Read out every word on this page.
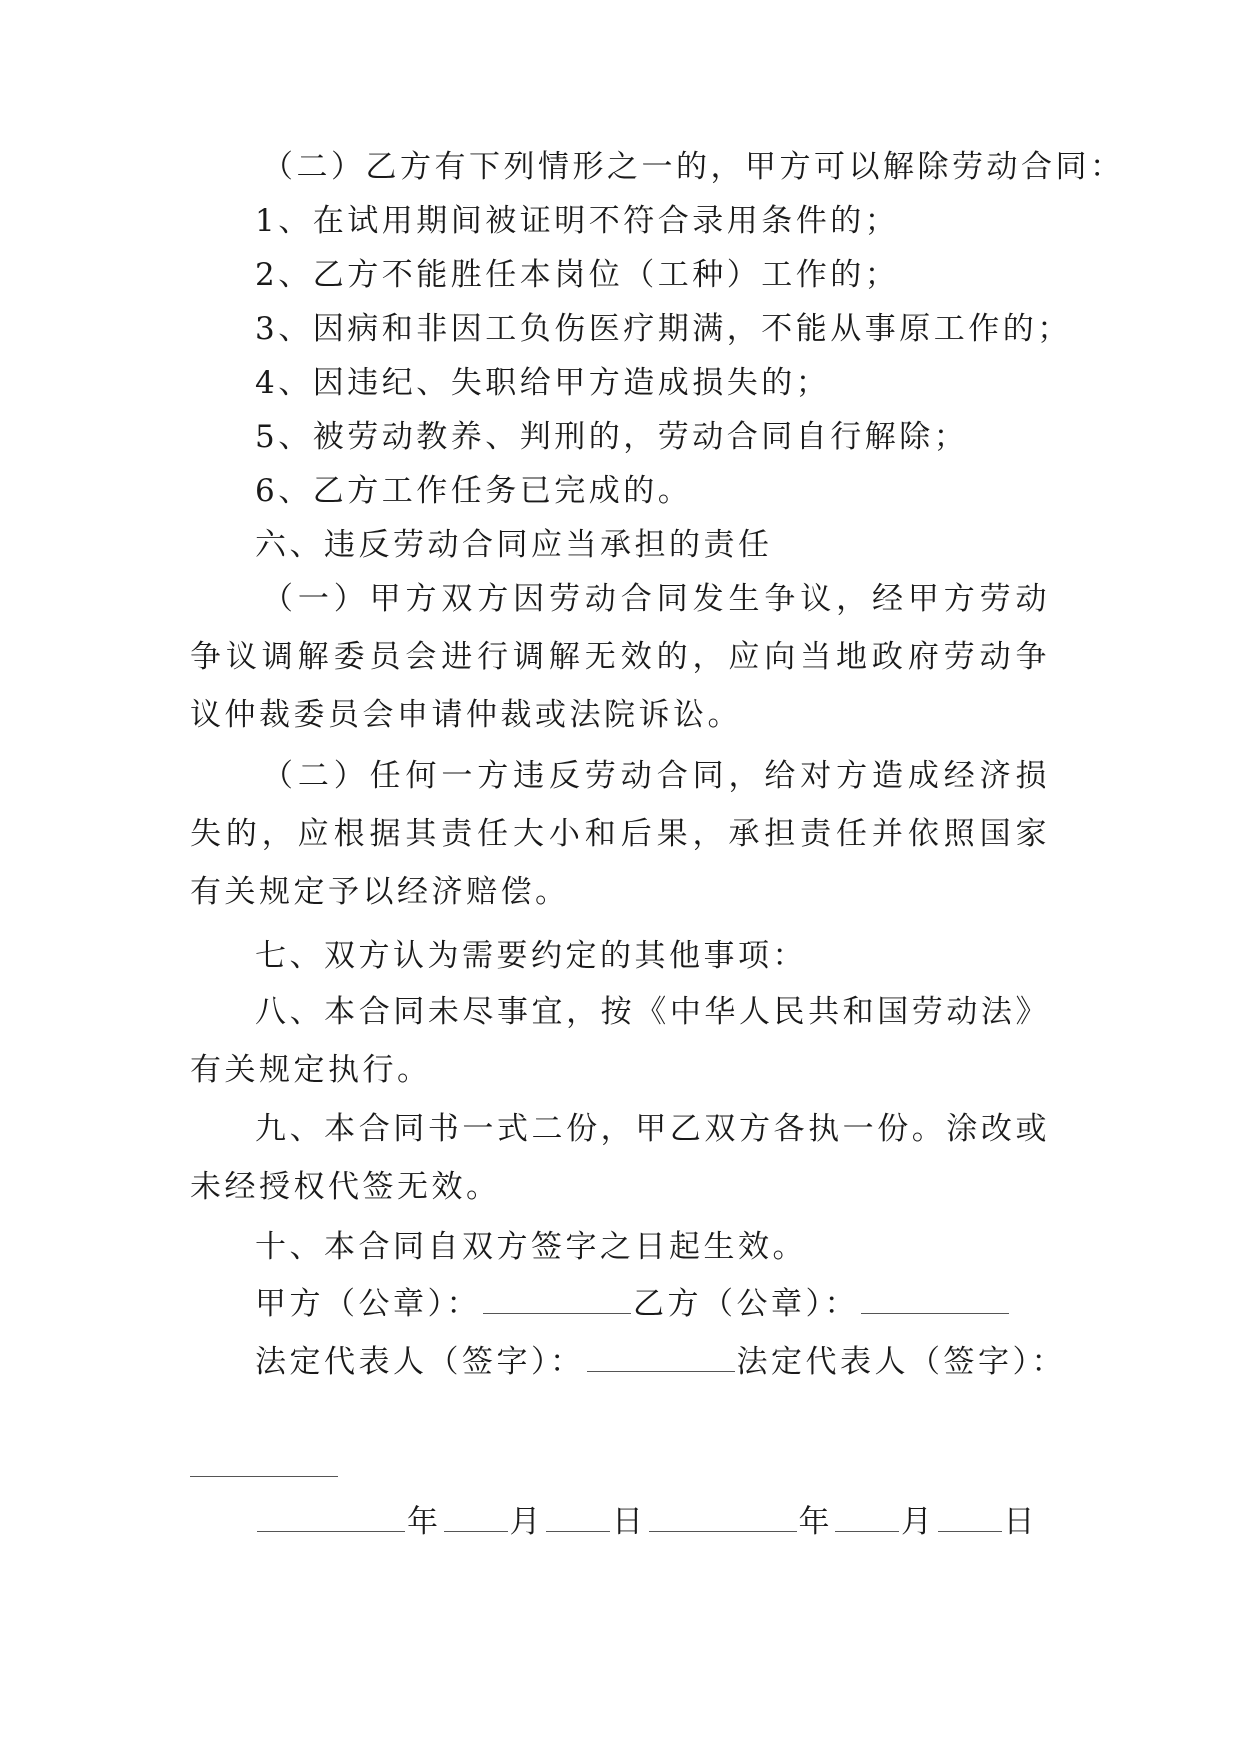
（二）乙方有下列情形之一的，甲方可以解除劳动合同：

1、在试用期间被证明不符合录用条件的；

2、乙方不能胜任本岗位（工种）工作的；

3、因病和非因工负伤医疗期满，不能从事原工作的；

4、因违纪、失职给甲方造成损失的；

5、被劳动教养、判刑的，劳动合同自行解除；

6、乙方工作任务已完成的。

六、违反劳动合同应当承担的责任

（一）甲方双方因劳动合同发生争议，经甲方劳动争议调解委员会进行调解无效的，应向当地政府劳动争议仲裁委员会申请仲裁或法院诉讼。

（二）任何一方违反劳动合同，给对方造成经济损失的，应根据其责任大小和后果，承担责任并依照国家有关规定予以经济赔偿。

七、双方认为需要约定的其他事项：

八、本合同未尽事宜，按《中华人民共和国劳动法》有关规定执行。

九、本合同书一式二份，甲乙双方各执一份。涂改或未经授权代签无效。

十、本合同自双方签字之日起生效。

甲方（公章）：	乙方（公章）：

法定代表人（签字）：	法定代表人（签字）：

年 月 日	年 月 日
